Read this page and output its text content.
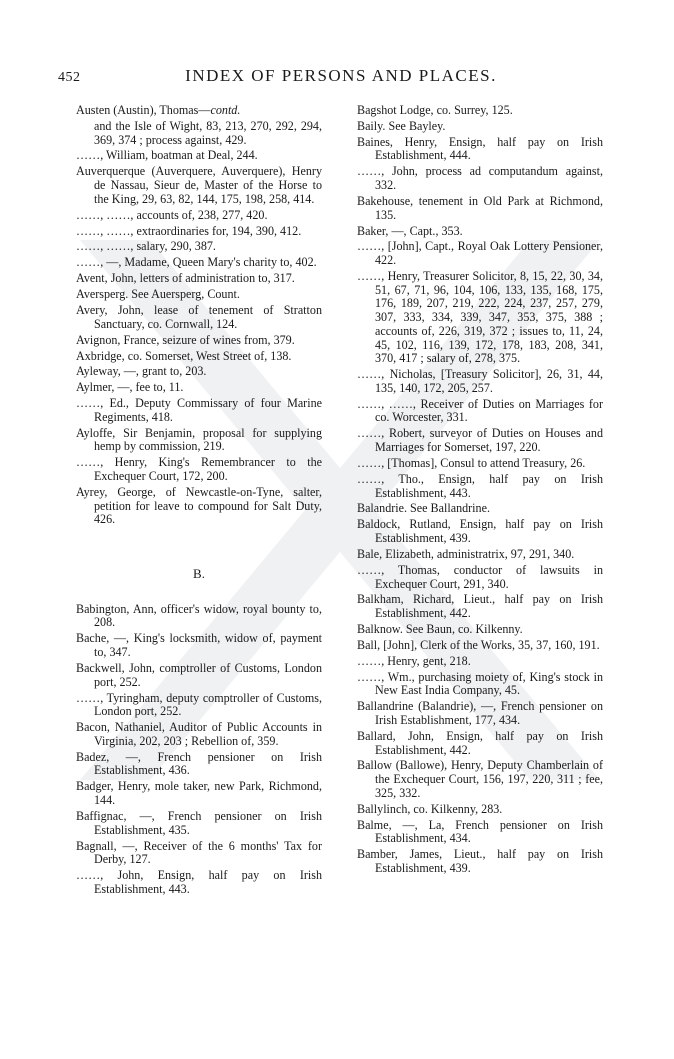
452	INDEX OF PERSONS AND PLACES.
Austen (Austin), Thomas—contd.
and the Isle of Wight, 83, 213, 270, 292, 294, 369, 374 ; process against, 429.
……, William, boatman at Deal, 244.
Auverquerque (Auverquere, Auverquere), Henry de Nassau, Sieur de, Master of the Horse to the King, 29, 63, 82, 144, 175, 198, 258, 414.
……, ……, accounts of, 238, 277, 420.
……, ……, extraordinaries for, 194, 390, 412.
……, ……, salary, 290, 387.
……, —, Madame, Queen Mary's charity to, 402.
Avent, John, letters of administration to, 317.
Aversperg. See Auersperg, Count.
Avery, John, lease of tenement of Stratton Sanctuary, co. Cornwall, 124.
Avignon, France, seizure of wines from, 379.
Axbridge, co. Somerset, West Street of, 138.
Ayleway, —, grant to, 203.
Aylmer, —, fee to, 11.
……, Ed., Deputy Commissary of four Marine Regiments, 418.
Ayloffe, Sir Benjamin, proposal for supplying hemp by commission, 219.
……, Henry, King's Remembrancer to the Exchequer Court, 172, 200.
Ayrey, George, of Newcastle-on-Tyne, salter, petition for leave to compound for Salt Duty, 426.
B.
Babington, Ann, officer's widow, royal bounty to, 208.
Bache, —, King's locksmith, widow of, payment to, 347.
Backwell, John, comptroller of Customs, London port, 252.
……, Tyringham, deputy comptroller of Customs, London port, 252.
Bacon, Nathaniel, Auditor of Public Accounts in Virginia, 202, 203 ; Rebellion of, 359.
Badez, —, French pensioner on Irish Establishment, 436.
Badger, Henry, mole taker, new Park, Richmond, 144.
Baffignac, —, French pensioner on Irish Establishment, 435.
Bagnall, —, Receiver of the 6 months' Tax for Derby, 127.
……, John, Ensign, half pay on Irish Establishment, 443.
Bagshot Lodge, co. Surrey, 125.
Baily. See Bayley.
Baines, Henry, Ensign, half pay on Irish Establishment, 444.
……, John, process ad computandum against, 332.
Bakehouse, tenement in Old Park at Richmond, 135.
Baker, —, Capt., 353.
……, [John], Capt., Royal Oak Lottery Pensioner, 422.
……, Henry, Treasurer Solicitor, 8, 15, 22, 30, 34, 51, 67, 71, 96, 104, 106, 133, 135, 168, 175, 176, 189, 207, 219, 222, 224, 237, 257, 279, 307, 333, 334, 339, 347, 353, 375, 388 ; accounts of, 226, 319, 372 ; issues to, 11, 24, 45, 102, 116, 139, 172, 178, 183, 208, 341, 370, 417 ; salary of, 278, 375.
……, Nicholas, [Treasury Solicitor], 26, 31, 44, 135, 140, 172, 205, 257.
……, ……, Receiver of Duties on Marriages for co. Worcester, 331.
……, Robert, surveyor of Duties on Houses and Marriages for Somerset, 197, 220.
……, [Thomas], Consul to attend Treasury, 26.
……, Tho., Ensign, half pay on Irish Establishment, 443.
Balandrie. See Ballandrine.
Baldock, Rutland, Ensign, half pay on Irish Establishment, 439.
Bale, Elizabeth, administratrix, 97, 291, 340.
……, Thomas, conductor of lawsuits in Exchequer Court, 291, 340.
Balkham, Richard, Lieut., half pay on Irish Establishment, 442.
Balknow. See Baun, co. Kilkenny.
Ball, [John], Clerk of the Works, 35, 37, 160, 191.
……, Henry, gent, 218.
……, Wm., purchasing moiety of, King's stock in New East India Company, 45.
Ballandrine (Balandrie), —, French pensioner on Irish Establishment, 177, 434.
Ballard, John, Ensign, half pay on Irish Establishment, 442.
Ballow (Ballowe), Henry, Deputy Chamberlain of the Exchequer Court, 156, 197, 220, 311 ; fee, 325, 332.
Ballylinch, co. Kilkenny, 283.
Balme, —, La, French pensioner on Irish Establishment, 434.
Bamber, James, Lieut., half pay on Irish Establishment, 439.
